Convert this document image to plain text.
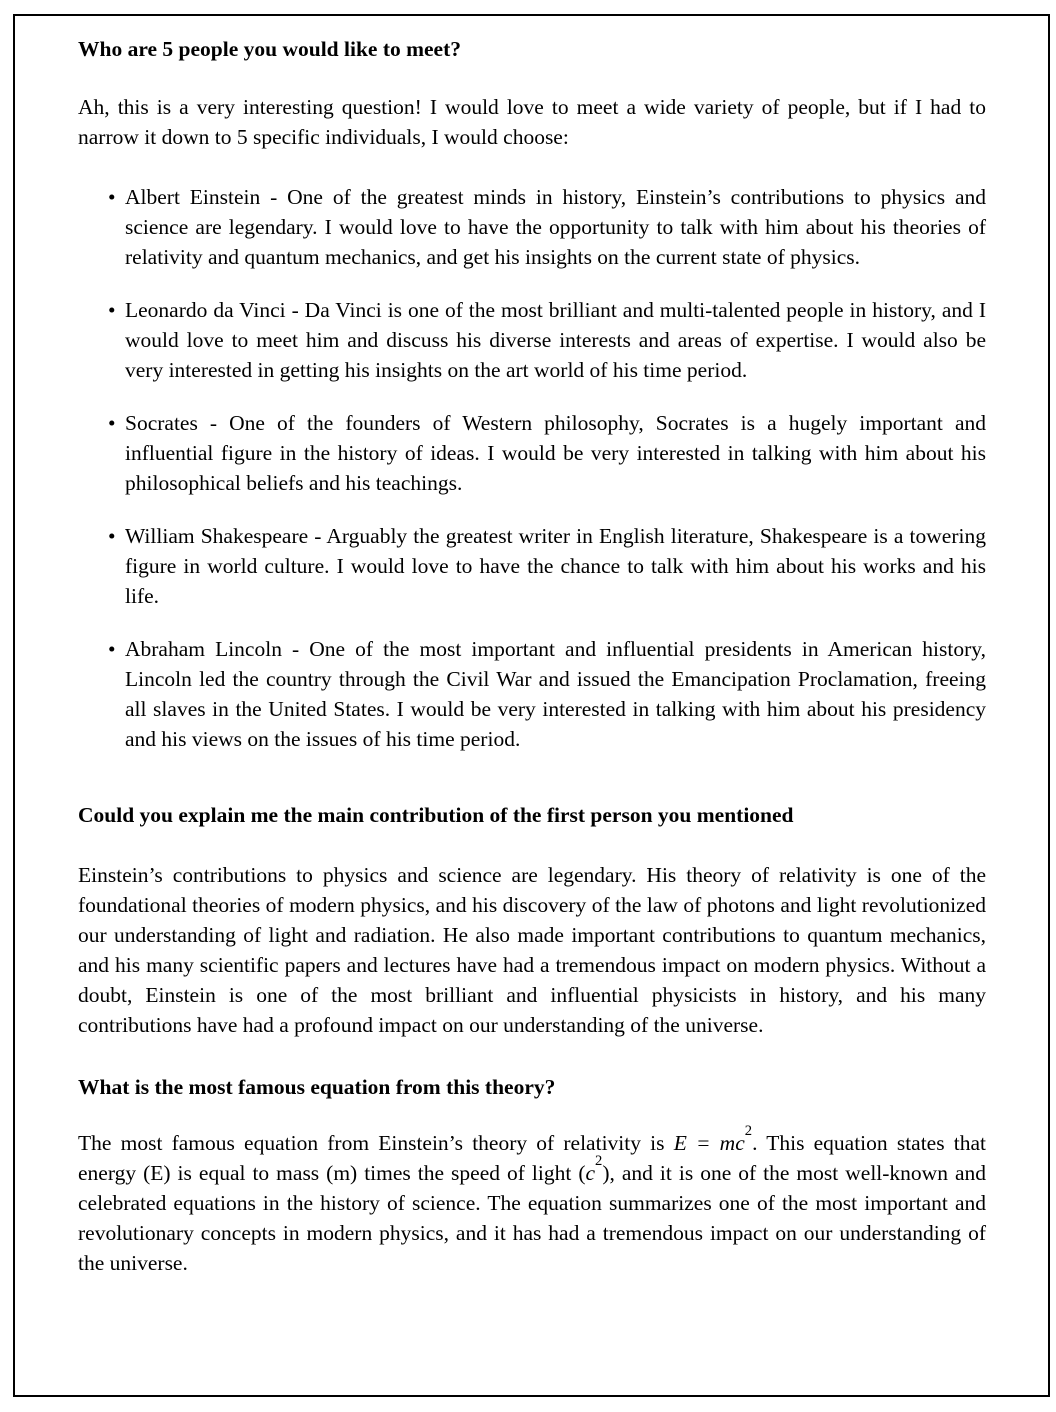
Who are 5 people you would like to meet?

Ah, this is a very interesting question! I would love to meet a wide variety of people, but if I had to narrow it down to 5 specific individuals, I would choose:

• Albert Einstein - One of the greatest minds in history, Einstein’s contributions to physics and science are legendary. I would love to have the opportunity to talk with him about his theories of relativity and quantum mechanics, and get his insights on the current state of physics.
• Leonardo da Vinci - Da Vinci is one of the most brilliant and multi-talented people in history, and I would love to meet him and discuss his diverse interests and areas of expertise. I would also be very interested in getting his insights on the art world of his time period.
• Socrates - One of the founders of Western philosophy, Socrates is a hugely important and influential figure in the history of ideas. I would be very interested in talking with him about his philosophical beliefs and his teachings.
• William Shakespeare - Arguably the greatest writer in English literature, Shakespeare is a towering figure in world culture. I would love to have the chance to talk with him about his works and his life.
• Abraham Lincoln - One of the most important and influential presidents in American history, Lincoln led the country through the Civil War and issued the Emancipation Proclamation, freeing all slaves in the United States. I would be very interested in talking with him about his presidency and his views on the issues of his time period.
Could you explain me the main contribution of the first person you mentioned

Einstein’s contributions to physics and science are legendary. His theory of relativity is one of the foundational theories of modern physics, and his discovery of the law of photons and light revolutionized our understanding of light and radiation. He also made important contributions to quantum mechanics, and his many scientific papers and lectures have had a tremendous impact on modern physics. Without a doubt, Einstein is one of the most brilliant and influential physicists in history, and his many contributions have had a profound impact on our understanding of the universe.

What is the most famous equation from this theory?

The most famous equation from Einstein’s theory of relativity is $E = mc^2$. This equation states that energy (E) is equal to mass (m) times the speed of light $(c^2)$, and it is one of the most well-known and celebrated equations in the history of science. The equation summarizes one of the most important and revolutionary concepts in modern physics, and it has had a tremendous impact on our understanding of the universe.
